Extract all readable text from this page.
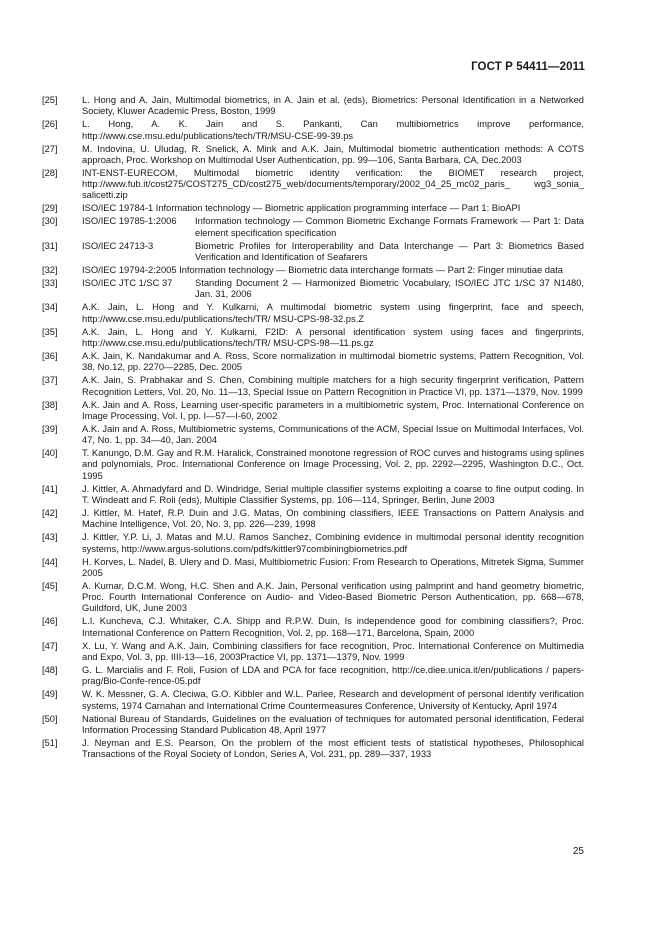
ГОСТ Р 54411—2011
[25]	L. Hong and A. Jain, Multimodal biometrics, in A. Jain et al. (eds), Biometrics: Personal Identification in a Networked Society, Kluwer Academic Press, Boston, 1999
[26]	L. Hong, A. K. Jain and S. Pankanti, Can multibiometrics improve performance, http://www.cse.msu.edu/publications/tech/TR/MSU-CSE-99-39.ps
[27]	M. Indovina, U. Uludag, R. Snelick, A. Mink and A.K. Jain, Multimodal biometric authentication methods: A COTS approach, Proc. Workshop on Multimodal User Authentication, pp. 99—106, Santa Barbara, CA, Dec.2003
[28]	INT-ENST-EURECOM, Multimodal biometric identity verification: the BIOMET research project, http://www.fub.it/cost275/COST275_CD/cost275_web/documents/temporary/2002_04_25_mc02_paris_ wg3_sonia_ salicetti.zip
[29]	ISO/IEC 19784-1 Information technology — Biometric application programming interface — Part 1: BioAPI
[30]	ISO/IEC 19785-1:2006	Information technology — Common Biometric Exchange Formats Framework — Part 1: Data element specification specification
[31]	ISO/IEC 24713-3	Biometric Profiles for Interoperability and Data Interchange — Part 3: Biometrics Based Verification and Identification of Seafarers
[32]	ISO/IEC 19794-2:2005 Information technology — Biometric data interchange formats — Part 2: Finger minutiae data
[33]	ISO/IEC JTC 1/SC 37	Standing Document 2 — Harmonized Biometric Vocabulary, ISO/IEC JTC 1/SC 37 N1480, Jan. 31, 2006
[34]	A.K. Jain, L. Hong and Y. Kulkarni, A multimodal biometric system using fingerprint, face and speech, http://www.cse.msu.edu/publications/tech/TR/ MSU-CPS-98-32.ps.Z
[35]	A.K. Jain, L. Hong and Y. Kulkarni, F2ID: A personal identification system using faces and fingerprints, http://www.cse.msu.edu/publications/tech/TR/ MSU-CPS-98—11.ps.gz
[36]	A.K. Jain, K. Nandakumar and A. Ross, Score normalization in multimodal biometric systems, Pattern Recognition, Vol. 38, No.12, pp. 2270—2285, Dec. 2005
[37]	A.K. Jain, S. Prabhakar and S. Chen, Combining multiple matchers for a high security fingerprint verification, Pattern Recognition Letters, Vol. 20, No. 11—13, Special Issue on Pattern Recognition in Practice VI, pp. 1371—1379, Nov. 1999
[38]	A.K. Jain and A. Ross, Learning user-specific parameters in a multibiometric system, Proc. International Conference on Image Processing, Vol. I, pp. I—57—I-60, 2002
[39]	A.K. Jain and A. Ross, Multibiometric systems, Communications of the ACM, Special Issue on Multimodal Interfaces, Vol. 47, No. 1, pp. 34—40, Jan. 2004
[40]	T. Kanungo, D.M. Gay and R.M. Haralick, Constrained monotone regression of ROC curves and histograms using splines and polynomials, Proc. International Conference on Image Processing, Vol. 2, pp. 2292—2295, Washington D.C., Oct. 1995
[41]	J. Kittler, A. Ahmadyfard and D. Windridge, Serial multiple classifier systems exploiting a coarse to fine output coding. In T. Windeatt and F. Roli (eds), Multiple Classifier Systems, pp. 106—114, Springer, Berlin, June 2003
[42]	J. Kittler, M. Hatef, R.P. Duin and J.G. Matas, On combining classifiers, IEEE Transactions on Pattern Analysis and Machine Intelligence, Vol. 20, No. 3, pp. 226—239, 1998
[43]	J. Kittler, Y.P. Li, J. Matas and M.U. Ramos Sanchez, Combining evidence in multimodal personal identity recognition systems, http://www.argus-solutions.com/pdfs/kittler97combiningbiometrics.pdf
[44]	H. Korves, L. Nadel, B. Ulery and D. Masi, Multibiometric Fusion: From Research to Operations, Mitretek Sigma, Summer 2005
[45]	A. Kumar, D.C.M. Wong, H.C. Shen and A.K. Jain, Personal verification using palmprint and hand geometry biometric, Proc. Fourth International Conference on Audio- and Video-Based Biometric Person Authentication, pp. 668—678, Guildford, UK, June 2003
[46]	L.I. Kuncheva, C.J. Whitaker, C.A. Shipp and R.P.W. Duin, Is independence good for combining classifiers?, Proc. International Conference on Pattern Recognition, Vol. 2, pp. 168—171, Barcelona, Spain, 2000
[47]	X. Lu, Y. Wang and A.K. Jain, Combining classifiers for face recognition, Proc. International Conference on Multimedia and Expo, Vol. 3, pp. IIII-13—16, 2003Practice VI, pp. 1371—1379, Nov. 1999
[48]	G. L. Marcialis and F. Roli, Fusion of LDA and PCA for face recognition, http://ce.diee.unica.it/en/publications / papers-prag/Bio-Confe-rence-05.pdf
[49]	W. K. Messner, G. A. Cleciwa, G.O. Kibbler and W.L. Parlee, Research and development of personal identify verification systems, 1974 Carnahan and International Crime Countermeasures Conference, University of Kentucky, April 1974
[50]	National Bureau of Standards, Guidelines on the evaluation of techniques for automated personal identification, Federal Information Processing Standard Publication 48, April 1977
[51]	J. Neyman and E.S. Pearson, On the problem of the most efficient tests of statistical hypotheses, Philosophical Transactions of the Royal Society of London, Series A, Vol. 231, pp. 289—337, 1933
25
